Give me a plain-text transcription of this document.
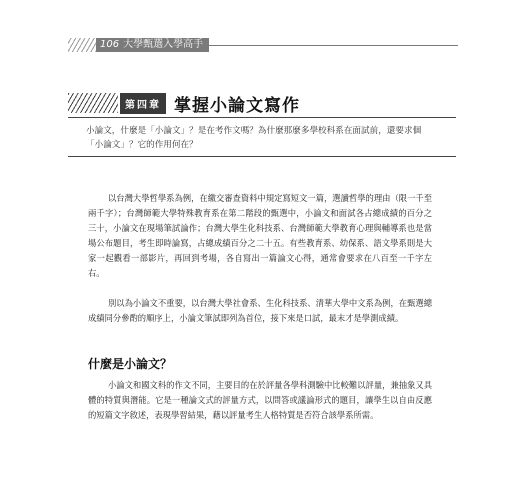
106 大學甄選入學高手
第四章 掌握小論文寫作
小論文，什麼是「小論文」？是在考作文嗎？為什麼那麼多學校科系在面試前，還要求個「小論文」？它的作用何在？

以台灣大學哲學系為例，在繳交審查資料中規定寫短文一篇，選讀哲學的理由（限一千至兩千字）；台灣師範大學特殊教育系在第二階段的甄選中，小論文和面試各占總成績的百分之三十，小論文在現場筆試論作；台灣大學生化科技系、台灣師範大學教育心理與輔導系也是當場公布題目，考生即時論寫，占總成績百分之二十五。有些教育系、幼保系、語文學系則是大家一起觀看一部影片，再回到考場，各自寫出一篇論文心得，通常會要求在八百至一千字左右。

別以為小論文不重要，以台灣大學社會系、生化科技系、清華大學中文系為例，在甄選總成績同分參酌的順序上，小論文筆試即列為首位，接下來是口試，最末才是學測成績。

什麼是小論文？

小論文和國文科的作文不同，主要目的在於評量各學科測驗中比較難以評量，兼抽象又具體的特質與潛能。它是一種論文式的評量方式，以問答或議論形式的題目，讓學生以自由反應的短篇文字敘述，表現學習結果，藉以評量考生人格特質是否符合該學系所需。
